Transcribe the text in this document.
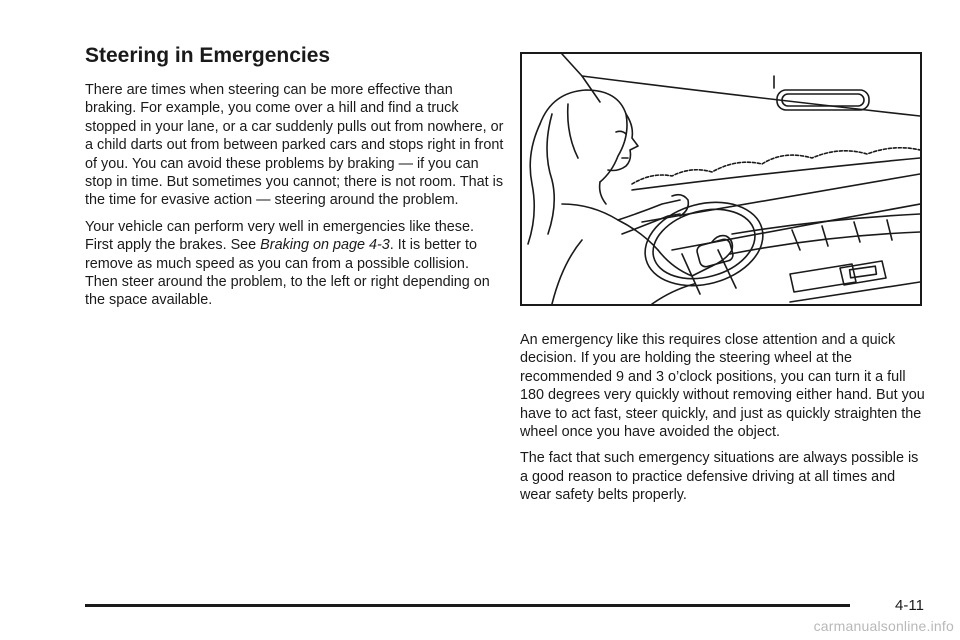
Steering in Emergencies

There are times when steering can be more effective than braking. For example, you come over a hill and find a truck stopped in your lane, or a car suddenly pulls out from nowhere, or a child darts out from between parked cars and stops right in front of you. You can avoid these problems by braking — if you can stop in time. But sometimes you cannot; there is not room. That is the time for evasive action — steering around the problem.

Your vehicle can perform very well in emergencies like these. First apply the brakes. See Braking on page 4-3. It is better to remove as much speed as you can from a possible collision. Then steer around the problem, to the left or right depending on the space available.

An emergency like this requires close attention and a quick decision. If you are holding the steering wheel at the recommended 9 and 3 o’clock positions, you can turn it a full 180 degrees very quickly without removing either hand. But you have to act fast, steer quickly, and just as quickly straighten the wheel once you have avoided the object.

The fact that such emergency situations are always possible is a good reason to practice defensive driving at all times and wear safety belts properly.

4-11
carmanualsonline.info
